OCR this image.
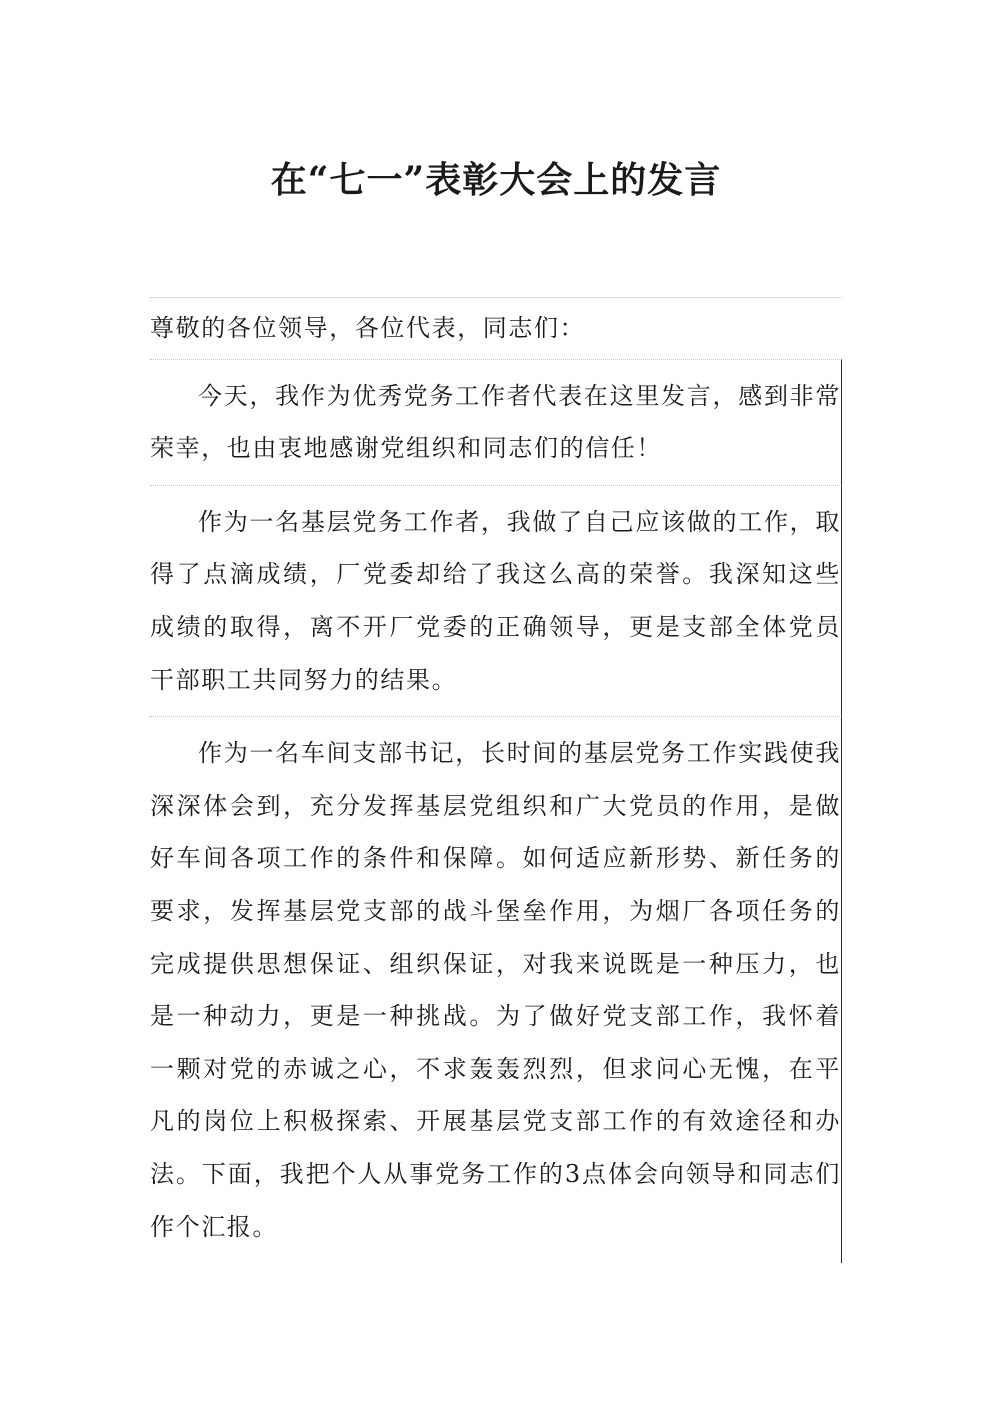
在“七一”表彰大会上的发言

尊敬的各位领导，各位代表，同志们：

今天，我作为优秀党务工作者代表在这里发言，感到非常荣幸，也由衷地感谢党组织和同志们的信任！

作为一名基层党务工作者，我做了自己应该做的工作，取得了点滴成绩，厂党委却给了我这么高的荣誉。我深知这些成绩的取得，离不开厂党委的正确领导，更是支部全体党员干部职工共同努力的结果。

作为一名车间支部书记，长时间的基层党务工作实践使我深深体会到，充分发挥基层党组织和广大党员的作用，是做好车间各项工作的条件和保障。如何适应新形势、新任务的要求，发挥基层党支部的战斗堡垒作用，为烟厂各项任务的完成提供思想保证、组织保证，对我来说既是一种压力，也是一种动力，更是一种挑战。为了做好党支部工作，我怀着一颗对党的赤诚之心，不求轰轰烈烈，但求问心无愧，在平凡的岗位上积极探索、开展基层党支部工作的有效途径和办法。下面，我把个人从事党务工作的3点体会向领导和同志们作个汇报。
